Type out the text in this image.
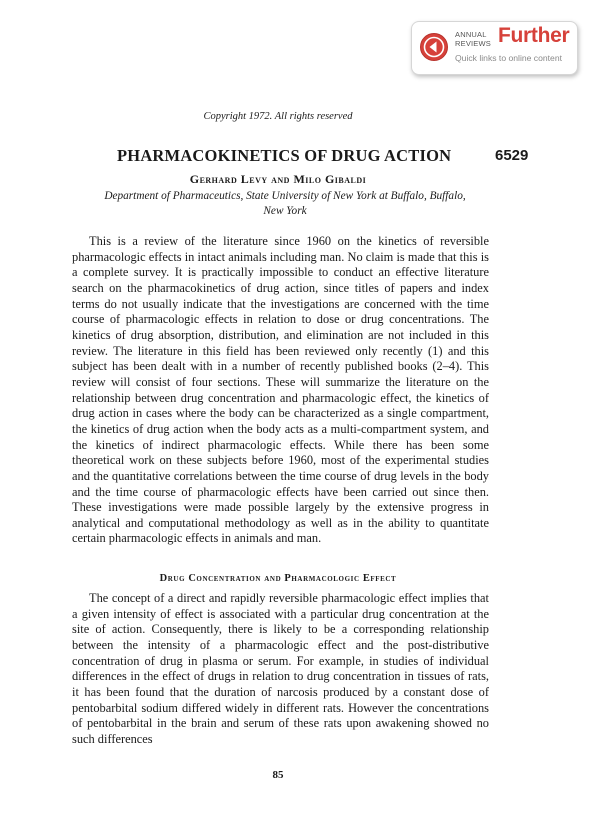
ANNUAL
REVIEWS Further
Quick links to online content
Copyright 1972. All rights reserved
PHARMACOKINETICS OF DRUG ACTION	6529
Gerhard Levy and Milo Gibaldi
Department of Pharmaceutics, State University of New York at Buffalo, Buffalo, New York
This is a review of the literature since 1960 on the kinetics of reversible pharmacologic effects in intact animals including man. No claim is made that this is a complete survey. It is practically impossible to conduct an effective literature search on the pharmacokinetics of drug action, since titles of papers and index terms do not usually indicate that the investigations are concerned with the time course of pharmacologic effects in relation to dose or drug concentrations. The kinetics of drug absorption, distribution, and elimination are not included in this review. The literature in this field has been reviewed only recently (1) and this subject has been dealt with in a number of recently published books (2–4). This review will consist of four sections. These will summarize the literature on the relationship between drug concentration and pharmacologic effect, the kinetics of drug action in cases where the body can be characterized as a single compartment, the kinetics of drug action when the body acts as a multi-compartment system, and the kinetics of indirect pharmacologic effects. While there has been some theoretical work on these subjects before 1960, most of the experimental studies and the quantitative correlations between the time course of drug levels in the body and the time course of pharmacologic effects have been carried out since then. These investigations were made possible largely by the extensive progress in analytical and computational methodology as well as in the ability to quantitate certain pharmacologic effects in animals and man.
Drug Concentration and Pharmacologic Effect
The concept of a direct and rapidly reversible pharmacologic effect implies that a given intensity of effect is associated with a particular drug concentration at the site of action. Consequently, there is likely to be a corresponding relationship between the intensity of a pharmacologic effect and the post-distributive concentration of drug in plasma or serum. For example, in studies of individual differences in the effect of drugs in relation to drug concentration in tissues of rats, it has been found that the duration of narcosis produced by a constant dose of pentobarbital sodium differed widely in different rats. However the concentrations of pentobarbital in the brain and serum of these rats upon awakening showed no such differences
85
